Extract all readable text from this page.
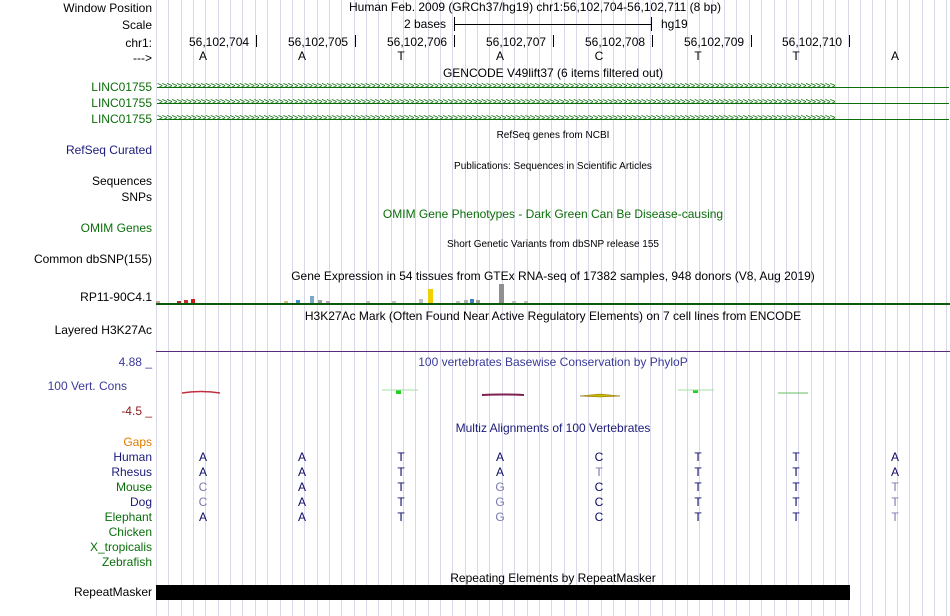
Window Position
Scale
chr1:
--->
Human Feb. 2009 (GRCh37/hg19) chr1:56,102,704-56,102,711 (8 bp)
2 bases	hg19
56,102,704	56,102,705	56,102,706	56,102,707	56,102,708	56,102,709	56,102,710
A	A	T	A	C	T	T	A
GENCODE V49lift37 (6 items filtered out)
LINC01755 >>>>>>>>>>>>>>>>>>>>>>>>>>>>>>>>>>>>>>>>>>>>>>>>>>>>>>>>>>>>>>>>>>>>>>>>>>>>>>>>>>>>>>>>>>>>>>>>>>>>>>>>>>>>>>>>>>>>>>>>>>>>>>>>>>>>>>>>>>>>
LINC01755 >>>>>>>>>>>>>>>>>>>>>>>>>>>>>>>>>>>>>>>>>>>>>>>>>>>>>>>>>>>>>>>>>>>>>>>>>>>>>>>>>>>>>>>>>>>>>>>>>>>>>>>>>>>>>>>>>>>>>>>>>>>>>>>>>>>>>>>>>>>>
LINC01755 >>>>>>>>>>>>>>>>>>>>>>>>>>>>>>>>>>>>>>>>>>>>>>>>>>>>>>>>>>>>>>>>>>>>>>>>>>>>>>>>>>>>>>>>>>>>>>>>>>>>>>>>>>>>>>>>>>>>>>>>>>>>>>>>>>>>>>>>>>>>
RefSeq genes from NCBI
RefSeq Curated
Publications: Sequences in Scientific Articles
Sequences
SNPs
OMIM Gene Phenotypes - Dark Green Can Be Disease-causing
OMIM Genes
Short Genetic Variants from dbSNP release 155
Common dbSNP(155)
Gene Expression in 54 tissues from GTEx RNA-seq of 17382 samples, 948 donors (V8, Aug 2019)
RP11-90C4.1
H3K27Ac Mark (Often Found Near Active Regulatory Elements) on 7 cell lines from ENCODE
Layered H3K27Ac
4.88 _	100 vertebrates Basewise Conservation by PhyloP
100 Vert. Cons
-4.5 _
Multiz Alignments of 100 Vertebrates
Gaps
Human	A	A	T	A	C	T	T	A
Rhesus	A	A	T	A	T	T	T	A
Mouse	C	A	T	G	C	T	T	T
Dog	C	A	T	G	C	T	T	T
Elephant	A	A	T	G	C	T	T	T
Chicken
X_tropicalis
Zebrafish
Repeating Elements by RepeatMasker
RepeatMasker
